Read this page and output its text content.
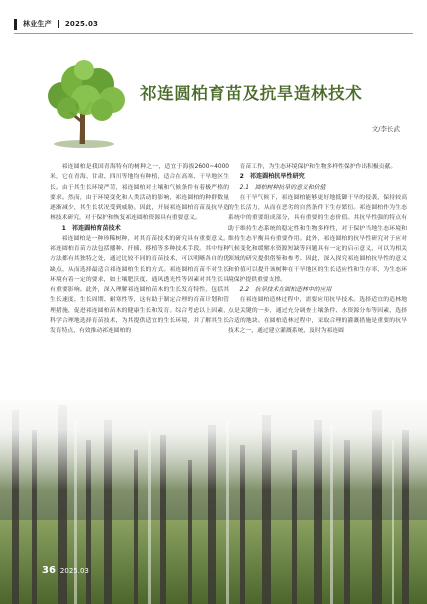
林业生产 2025.03
祁连圆柏育苗及抗旱造林技术
文/李长武

祁连圆柏是我国青海特有的树种之一，适宜于海拔2600~4000米，它在青海、甘肃、四川等地均有种植，适合在高寒、干旱地区生长。由于其生长环境严苛，祁连圆柏对土壤和气候条件有着极严格的要求。然而，由于环境变化和人类活动的影响，祁连圆柏的种群数量逐渐减少，其生长状况受到威胁。因此，开展祁连圆柏育苗及抗旱造林技术研究，对于保护和恢复祁连圆柏资源具有重要意义。

1　祁连圆柏育苗技术

祁连圆柏是一种珍稀树种，对其育苗技术的研究具有重要意义。祁连圆柏育苗方法包括播种、扦插、移植等多种技术手段。其中每种方法都有其独特之处，通过比较不同的育苗技术，可以明晰各自的优缺点，从而选择最适合祁连圆柏生长的方式。祁连圆柏育苗不对生长环境有着一定的要求，如土壤肥沃度、通风透光性等因素对其生长具有重要影响。此外，深入理解祁连圆柏苗木的生长发育特性，包括其生长速度、生长周期、耐寒性等，这有助于制定合理的育苗计划和管理措施，促进祁连圆柏苗木的健康生长和发育。综合考虑以上因素，科学合理地选择育苗技术，为其提供适宜的生长环境，并了解其生长发育特点，有效推动祁连圆柏的

育苗工作，为生态环境保护和生物多样性保护作出积极贡献。

2　祁连圆柏抗旱性研究
2.1　圆柏树种抗旱的意义和价值

在干旱气候下，祁连圆柏能够更好地抵御干旱的侵袭，保持较高的生长活力，从而在恶劣的自然条件下生存繁衍。祁连圆柏作为生态系统中的重要组成部分，具有重要的生态价值。其抗旱性强的特点有助于维持生态系统的稳定性和生物多样性，对于保护当地生态环境和维持生态平衡具有重要作用。此外，祁连圆柏的抗旱性研究对于应对气候变化和缓解水资源短缺等问题具有一定的启示意义，可以为相关领域的研究提供借鉴和参考。因此，深入探究祁连圆柏抗旱性的意义和价值可以提升该树种在干旱地区的生长适应性和生存率，为生态环境保护提供重要支撑。

2.2　抗旱技术在圆柏造林中的应用

在祁连圆柏造林过程中，需要应用抗旱技术。选择适宜的造林地点是关键的一步，通过充分调查土壤条件、水资源分布等因素，选择合适的地块。在圆柏造林过程中，采取合理的灌溉措施是重要的抗旱技术之一，通过建立灌溉系统，及时为祁连圆

36 2025.03
